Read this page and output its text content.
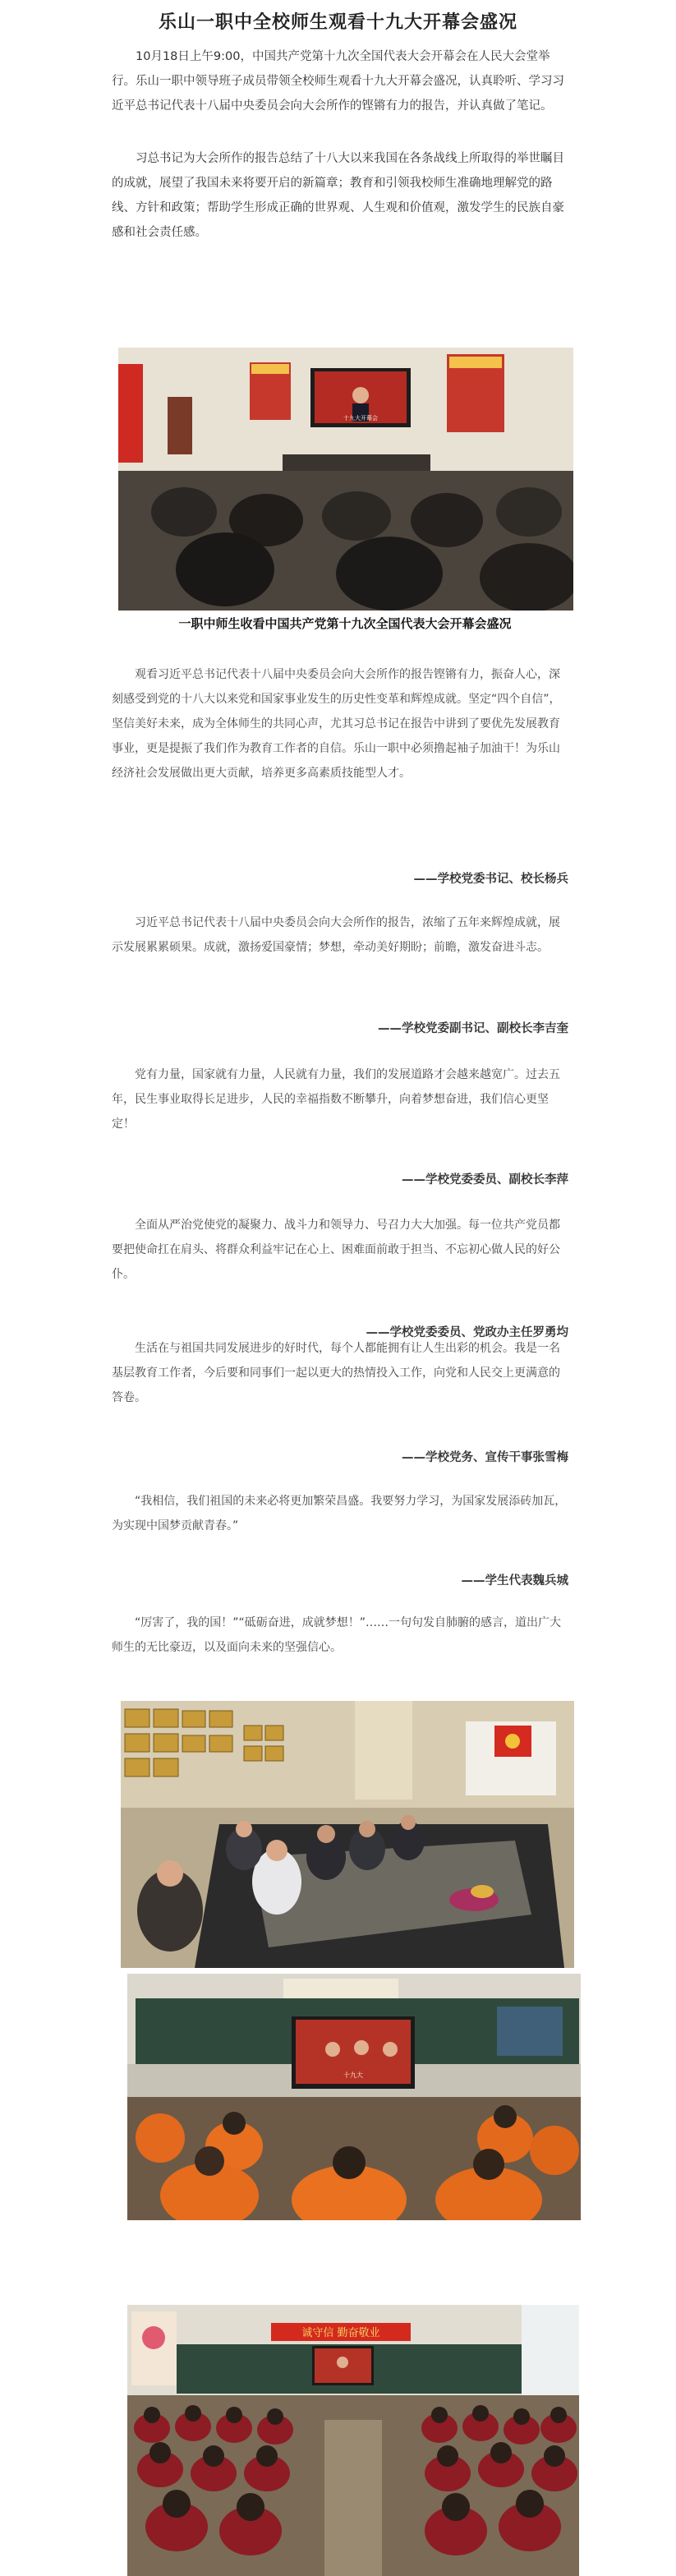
乐山一职中全校师生观看十九大开幕会盛况

10月18日上午9:00，中国共产党第十九次全国代表大会开幕会在人民大会堂举行。乐山一职中领导班子成员带领全校师生观看十九大开幕会盛况，认真聆听、学习习近平总书记代表十八届中央委员会向大会所作的铿锵有力的报告，并认真做了笔记。

习总书记为大会所作的报告总结了十八大以来我国在各条战线上所取得的举世瞩目的成就，展望了我国未来将要开启的新篇章；教育和引领我校师生准确地理解党的路线、方针和政策；帮助学生形成正确的世界观、人生观和价值观，激发学生的民族自豪感和社会责任感。

十九大开幕会

一职中师生收看中国共产党第十九次全国代表大会开幕会盛况

观看习近平总书记代表十八届中央委员会向大会所作的报告铿锵有力，振奋人心，深刻感受到党的十八大以来党和国家事业发生的历史性变革和辉煌成就。坚定“四个自信”，坚信美好未来，成为全体师生的共同心声，尤其习总书记在报告中讲到了要优先发展教育事业，更是提振了我们作为教育工作者的自信。乐山一职中必须撸起袖子加油干！为乐山经济社会发展做出更大贡献，培养更多高素质技能型人才。

——学校党委书记、校长杨兵

习近平总书记代表十八届中央委员会向大会所作的报告，浓缩了五年来辉煌成就，展示发展累累硕果。成就，激扬爱国豪情；梦想，牵动美好期盼；前瞻，激发奋进斗志。

——学校党委副书记、副校长李吉奎

党有力量，国家就有力量，人民就有力量，我们的发展道路才会越来越宽广。过去五年，民生事业取得长足进步，人民的幸福指数不断攀升，向着梦想奋进，我们信心更坚定！

——学校党委委员、副校长李萍

全面从严治党使党的凝聚力、战斗力和领导力、号召力大大加强。每一位共产党员都要把使命扛在肩头、将群众利益牢记在心上、困难面前敢于担当、不忘初心做人民的好公仆。

——学校党委委员、党政办主任罗勇均

生活在与祖国共同发展进步的好时代，每个人都能拥有让人生出彩的机会。我是一名基层教育工作者，今后要和同事们一起以更大的热情投入工作，向党和人民交上更满意的答卷。

——学校党务、宣传干事张雪梅

“我相信，我们祖国的未来必将更加繁荣昌盛。我要努力学习，为国家发展添砖加瓦，为实现中国梦贡献青春。”

——学生代表魏兵城

“厉害了，我的国！”“砥砺奋进，成就梦想！”……一句句发自肺腑的感言，道出广大师生的无比豪迈，以及面向未来的坚强信心。

十九大
诚守信 勤奋敬业
